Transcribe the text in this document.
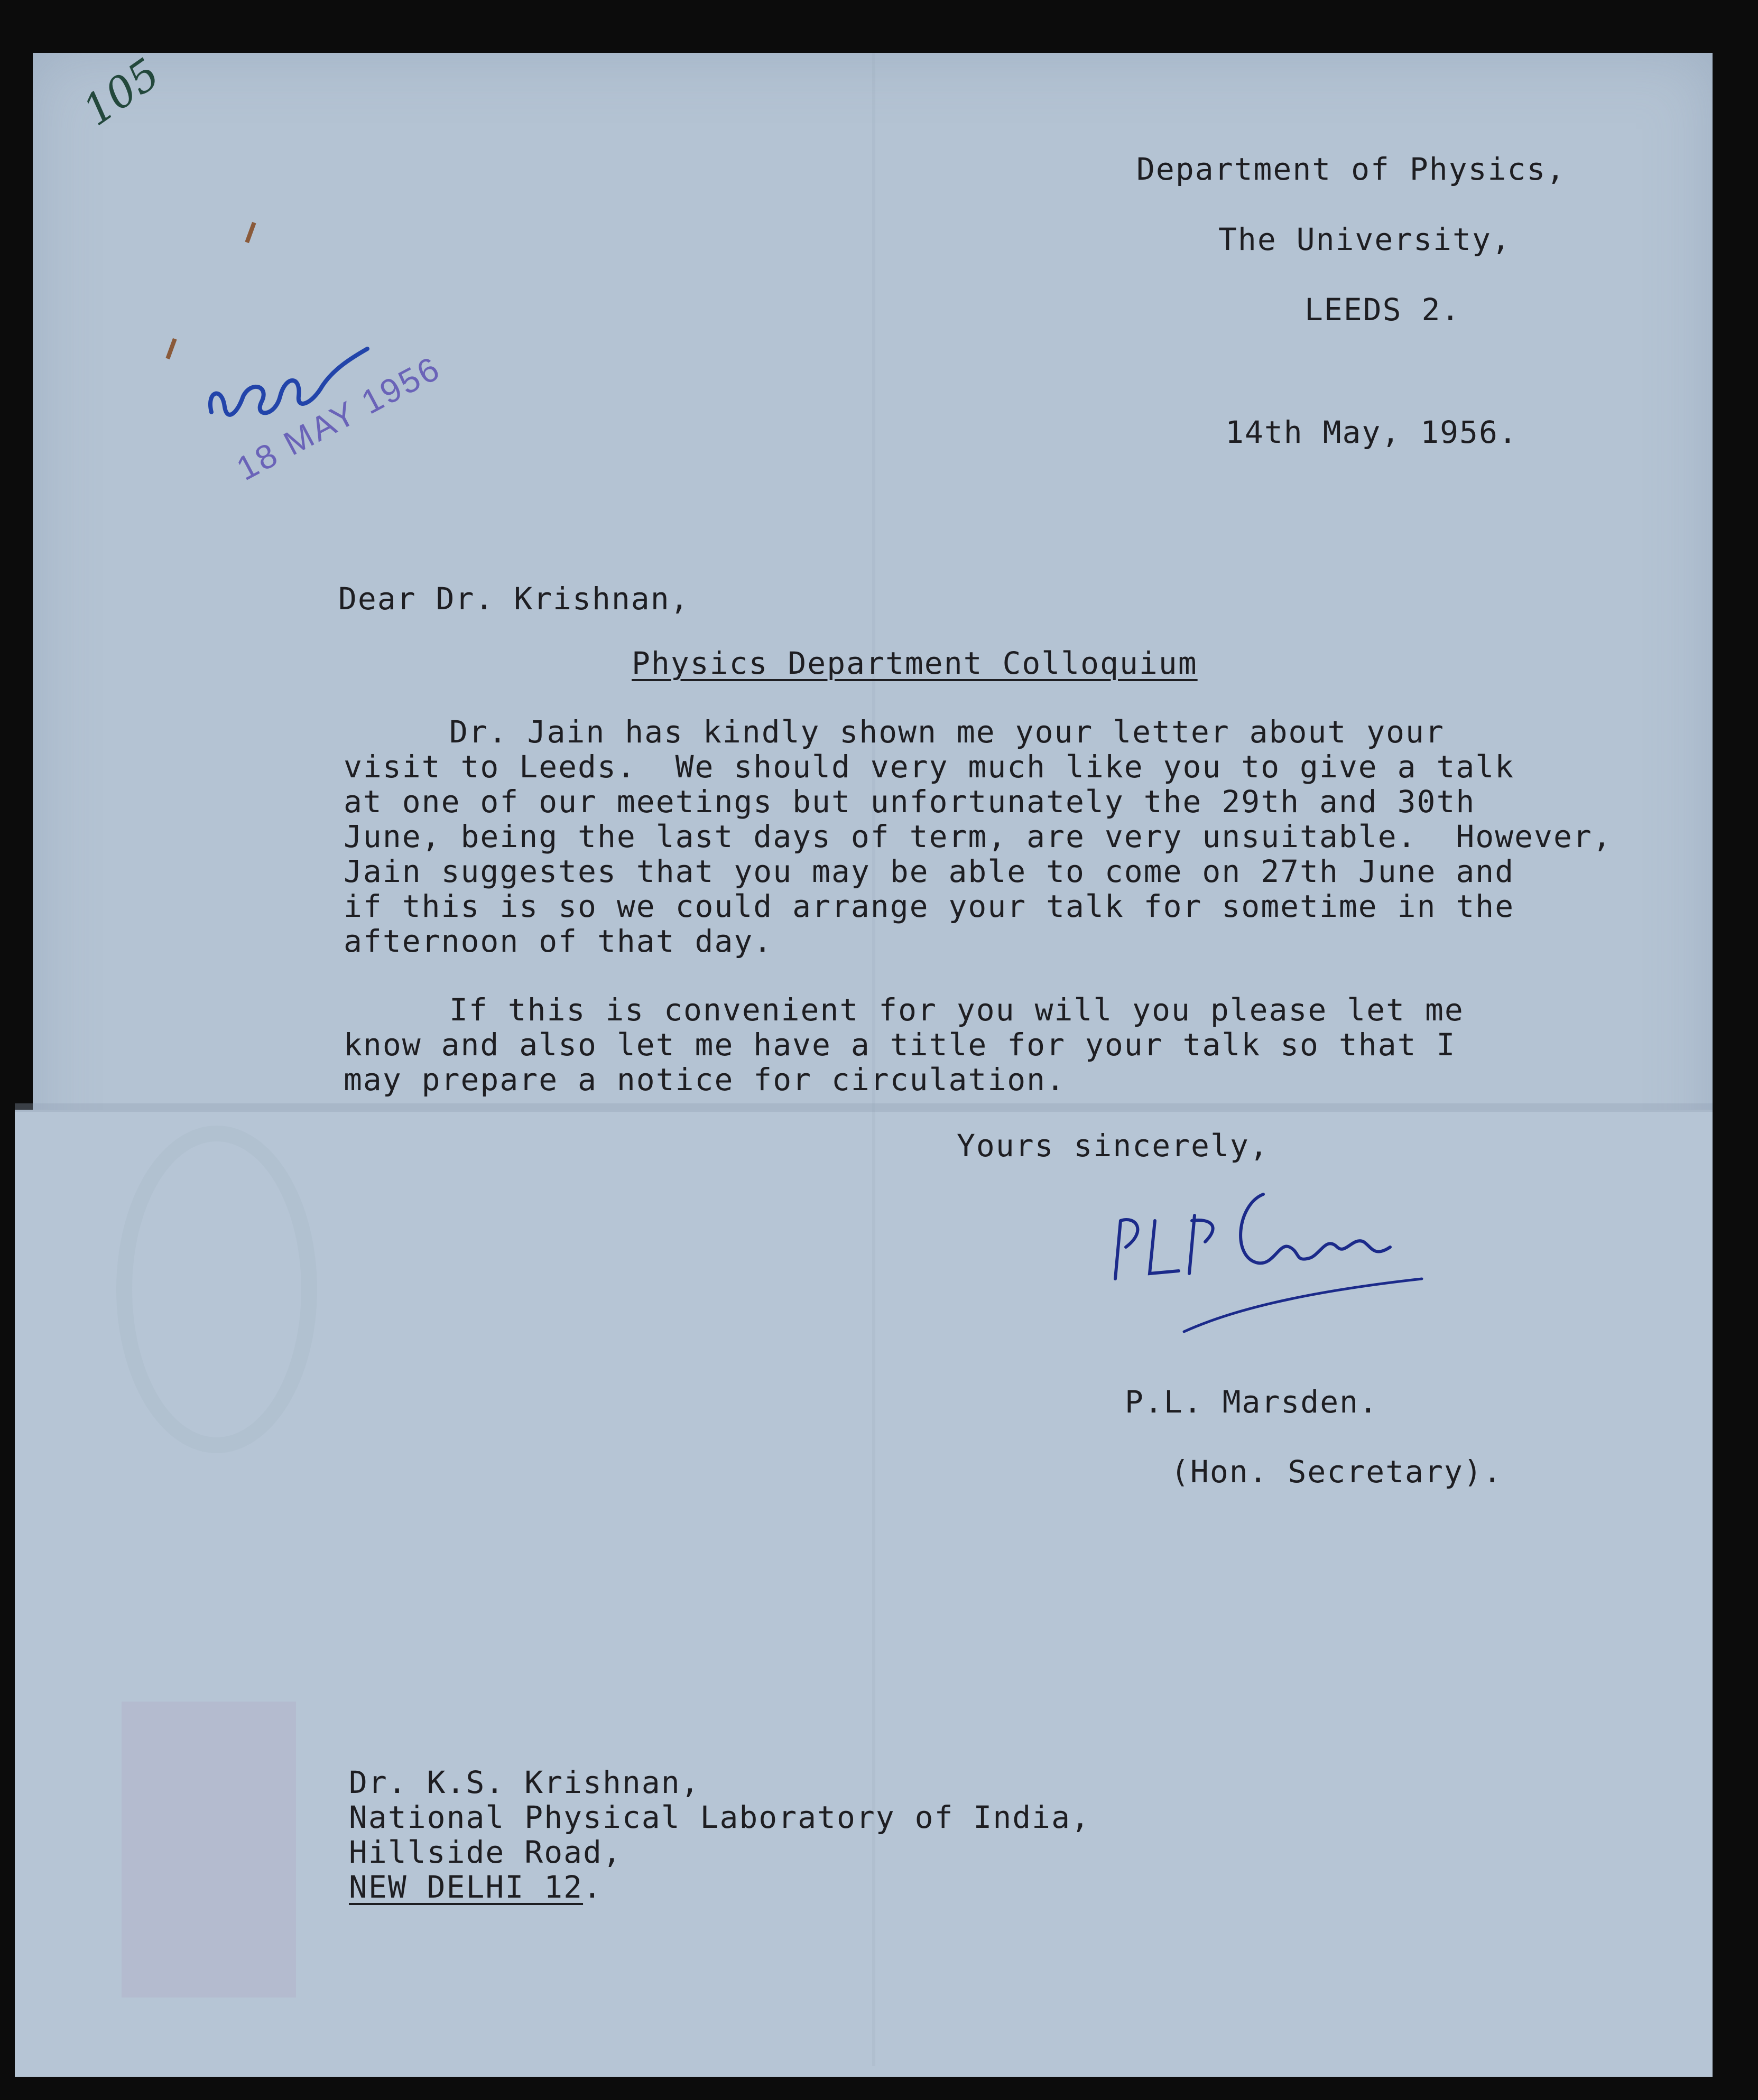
105

18 MAY 1956

Department of Physics,

The University,

LEEDS 2.

14th May, 1956.

Dear Dr. Krishnan,

Physics Department Colloquium

Dr. Jain has kindly shown me your letter about your

visit to Leeds.  We should very much like you to give a talk

at one of our meetings but unfortunately the 29th and 30th

June, being the last days of term, are very unsuitable.  However,

Jain suggestes that you may be able to come on 27th June and

if this is so we could arrange your talk for sometime in the

afternoon of that day.

If this is convenient for you will you please let me

know and also let me have a title for your talk so that I

may prepare a notice for circulation.

Yours sincerely,

P.L. Marsden.

(Hon. Secretary).

Dr. K.S. Krishnan,

National Physical Laboratory of India,

Hillside Road,

NEW DELHI 12.
